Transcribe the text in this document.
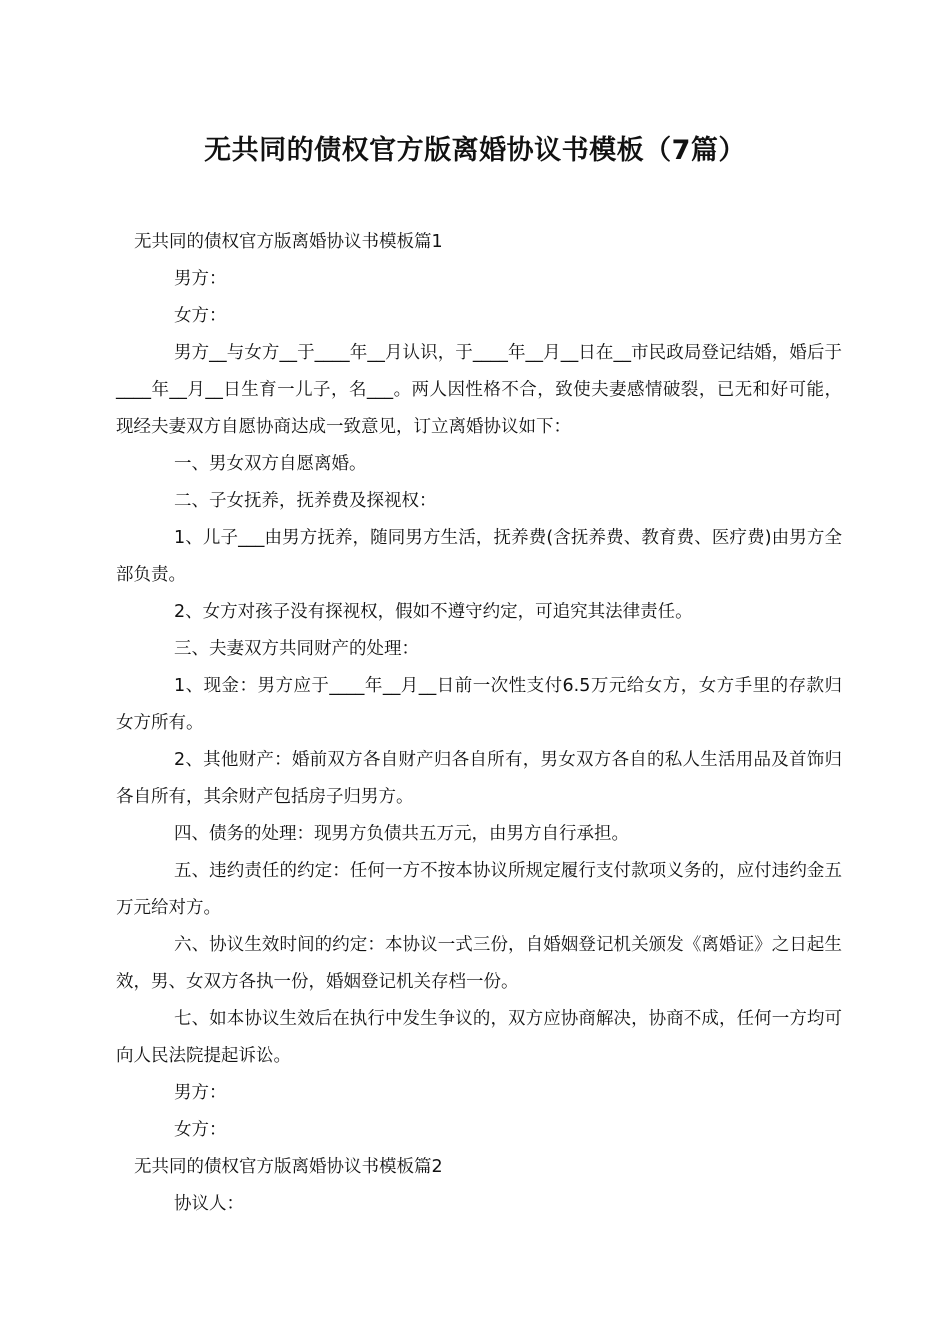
无共同的债权官方版离婚协议书模板（7篇）

无共同的债权官方版离婚协议书模板篇1

男方：

女方：

男方__与女方__于____年__月认识，于____年__月__日在__市民政局登记结婚，婚后于____年__月__日生育一儿子，名___。两人因性格不合，致使夫妻感情破裂，已无和好可能，现经夫妻双方自愿协商达成一致意见，订立离婚协议如下：

一、男女双方自愿离婚。

二、子女抚养，抚养费及探视权：

1、儿子___由男方抚养，随同男方生活，抚养费(含抚养费、教育费、医疗费)由男方全部负责。

2、女方对孩子没有探视权，假如不遵守约定，可追究其法律责任。

三、夫妻双方共同财产的处理：

1、现金：男方应于____年__月__日前一次性支付6.5万元给女方，女方手里的存款归女方所有。

2、其他财产：婚前双方各自财产归各自所有，男女双方各自的私人生活用品及首饰归各自所有，其余财产包括房子归男方。

四、债务的处理：现男方负债共五万元，由男方自行承担。

五、违约责任的约定：任何一方不按本协议所规定履行支付款项义务的，应付违约金五万元给对方。

六、协议生效时间的约定：本协议一式三份，自婚姻登记机关颁发《离婚证》之日起生效，男、女双方各执一份，婚姻登记机关存档一份。

七、如本协议生效后在执行中发生争议的，双方应协商解决，协商不成，任何一方均可向人民法院提起诉讼。

男方：

女方：

无共同的债权官方版离婚协议书模板篇2

协议人：
